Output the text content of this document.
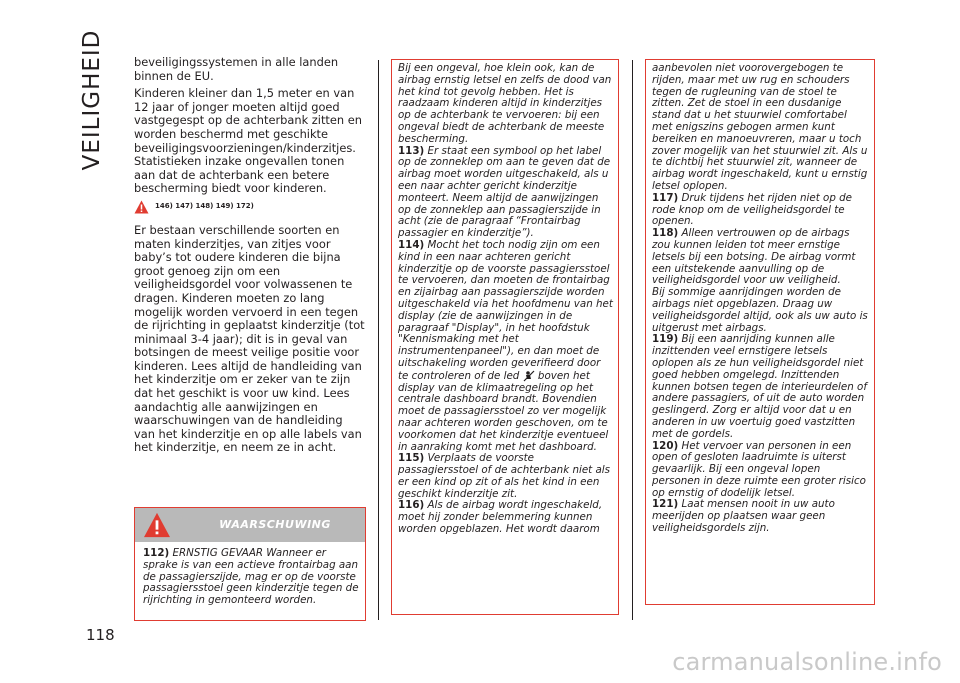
VEILIGHEID
118

beveiligingssystemen in alle landen binnen de EU.

Kinderen kleiner dan 1,5 meter en van 12 jaar of jonger moeten altijd goed vastgegespt op de achterbank zitten en worden beschermd met geschikte beveiligingsvoorzieningen/kinderzitjes. Statistieken inzake ongevallen tonen aan dat de achterbank een betere bescherming biedt voor kinderen.

146) 147) 148) 149) 172)

Er bestaan verschillende soorten en maten kinderzitjes, van zitjes voor baby’s tot oudere kinderen die bijna groot genoeg zijn om een veiligheidsgordel voor volwassenen te dragen. Kinderen moeten zo lang mogelijk worden vervoerd in een tegen de rijrichting in geplaatst kinderzitje (tot minimaal 3-4 jaar); dit is in geval van botsingen de meest veilige positie voor kinderen. Lees altijd de handleiding van het kinderzitje om er zeker van te zijn dat het geschikt is voor uw kind. Lees aandachtig alle aanwijzingen en waarschuwingen van de handleiding van het kinderzitje en op alle labels van het kinderzitje, en neem ze in acht.

WAARSCHUWING
112) ERNSTIG GEVAAR Wanneer er sprake is van een actieve frontairbag aan de passagierszijde, mag er op de voorste passagiersstoel geen kinderzitje tegen de rijrichting in gemonteerd worden.

Bij een ongeval, hoe klein ook, kan de airbag ernstig letsel en zelfs de dood van het kind tot gevolg hebben. Het is raadzaam kinderen altijd in kinderzitjes op de achterbank te vervoeren: bij een ongeval biedt de achterbank de meeste bescherming.

113) Er staat een symbool op het label op de zonneklep om aan te geven dat de airbag moet worden uitgeschakeld, als u een naar achter gericht kinderzitje monteert. Neem altijd de aanwijzingen op de zonneklep aan passagierszijde in acht (zie de paragraaf “Frontairbag passagier en kinderzitje”).

114) Mocht het toch nodig zijn om een kind in een naar achteren gericht kinderzitje op de voorste passagiersstoel te vervoeren, dan moeten de frontairbag en zijairbag aan passagierszijde worden uitgeschakeld via het hoofdmenu van het display (zie de aanwijzingen in de paragraaf "Display", in het hoofdstuk "Kennismaking met het instrumentenpaneel"), en dan moet de uitschakeling worden geverifieerd door te controleren of de led boven het display van de klimaatregeling op het centrale dashboard brandt. Bovendien moet de passagiersstoel zo ver mogelijk naar achteren worden geschoven, om te voorkomen dat het kinderzitje eventueel in aanraking komt met het dashboard.

115) Verplaats de voorste passagiersstoel of de achterbank niet als er een kind op zit of als het kind in een geschikt kinderzitje zit.

116) Als de airbag wordt ingeschakeld, moet hij zonder belemmering kunnen worden opgeblazen. Het wordt daarom

aanbevolen niet voorovergebogen te rijden, maar met uw rug en schouders tegen de rugleuning van de stoel te zitten. Zet de stoel in een dusdanige stand dat u het stuurwiel comfortabel met enigszins gebogen armen kunt bereiken en manoeuvreren, maar u toch zover mogelijk van het stuurwiel zit. Als u te dichtbij het stuurwiel zit, wanneer de airbag wordt ingeschakeld, kunt u ernstig letsel oplopen.

117) Druk tijdens het rijden niet op de rode knop om de veiligheidsgordel te openen.

118) Alleen vertrouwen op de airbags zou kunnen leiden tot meer ernstige letsels bij een botsing. De airbag vormt een uitstekende aanvulling op de veiligheidsgordel voor uw veiligheid.

Bij sommige aanrijdingen worden de airbags niet opgeblazen. Draag uw veiligheidsgordel altijd, ook als uw auto is uitgerust met airbags.

119) Bij een aanrijding kunnen alle inzittenden veel ernstigere letsels oplopen als ze hun veiligheidsgordel niet goed hebben omgelegd. Inzittenden kunnen botsen tegen de interieurdelen of andere passagiers, of uit de auto worden geslingerd. Zorg er altijd voor dat u en anderen in uw voertuig goed vastzitten met de gordels.

120) Het vervoer van personen in een open of gesloten laadruimte is uiterst gevaarlijk. Bij een ongeval lopen personen in deze ruimte een groter risico op ernstig of dodelijk letsel.

121) Laat mensen nooit in uw auto meerijden op plaatsen waar geen veiligheidsgordels zijn.

carmanualsonline.info
